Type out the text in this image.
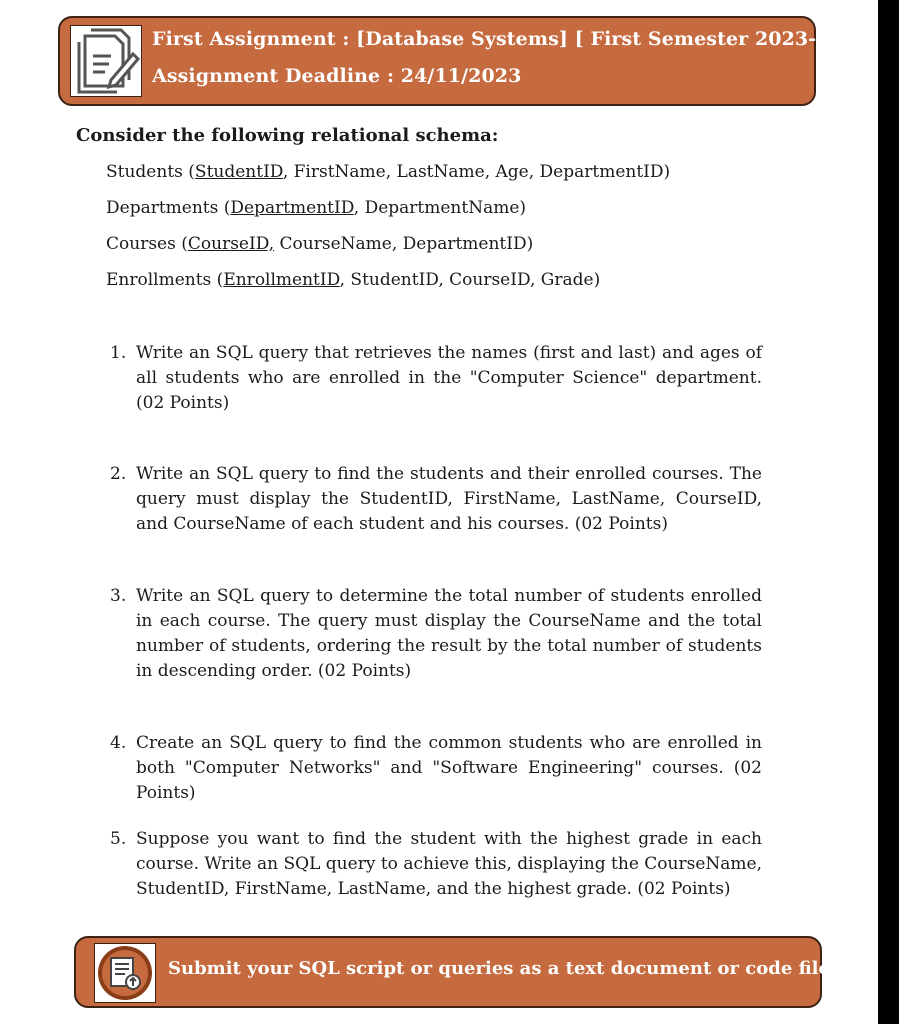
First Assignment : [Database Systems] [ First Semester 2023-2024]
Assignment Deadline : 24/11/2023
Consider the following relational schema:
Students (StudentID, FirstName, LastName, Age, DepartmentID)
Departments (DepartmentID, DepartmentName)
Courses (CourseID, CourseName, DepartmentID)
Enrollments (EnrollmentID, StudentID, CourseID, Grade)
1. Write an SQL query that retrieves the names (first and last) and ages of all students who are enrolled in the "Computer Science" department. (02 Points)
2. Write an SQL query to find the students and their enrolled courses. The query must display the StudentID, FirstName, LastName, CourseID, and CourseName of each student and his courses. (02 Points)
3. Write an SQL query to determine the total number of students enrolled in each course. The query must display the CourseName and the total number of students, ordering the result by the total number of students in descending order. (02 Points)
4. Create an SQL query to find the common students who are enrolled in both "Computer Networks" and "Software Engineering" courses. (02 Points)
5. Suppose you want to find the student with the highest grade in each course. Write an SQL query to achieve this, displaying the CourseName, StudentID, FirstName, LastName, and the highest grade. (02 Points)
Submit your SQL script or queries as a text document or code file.
